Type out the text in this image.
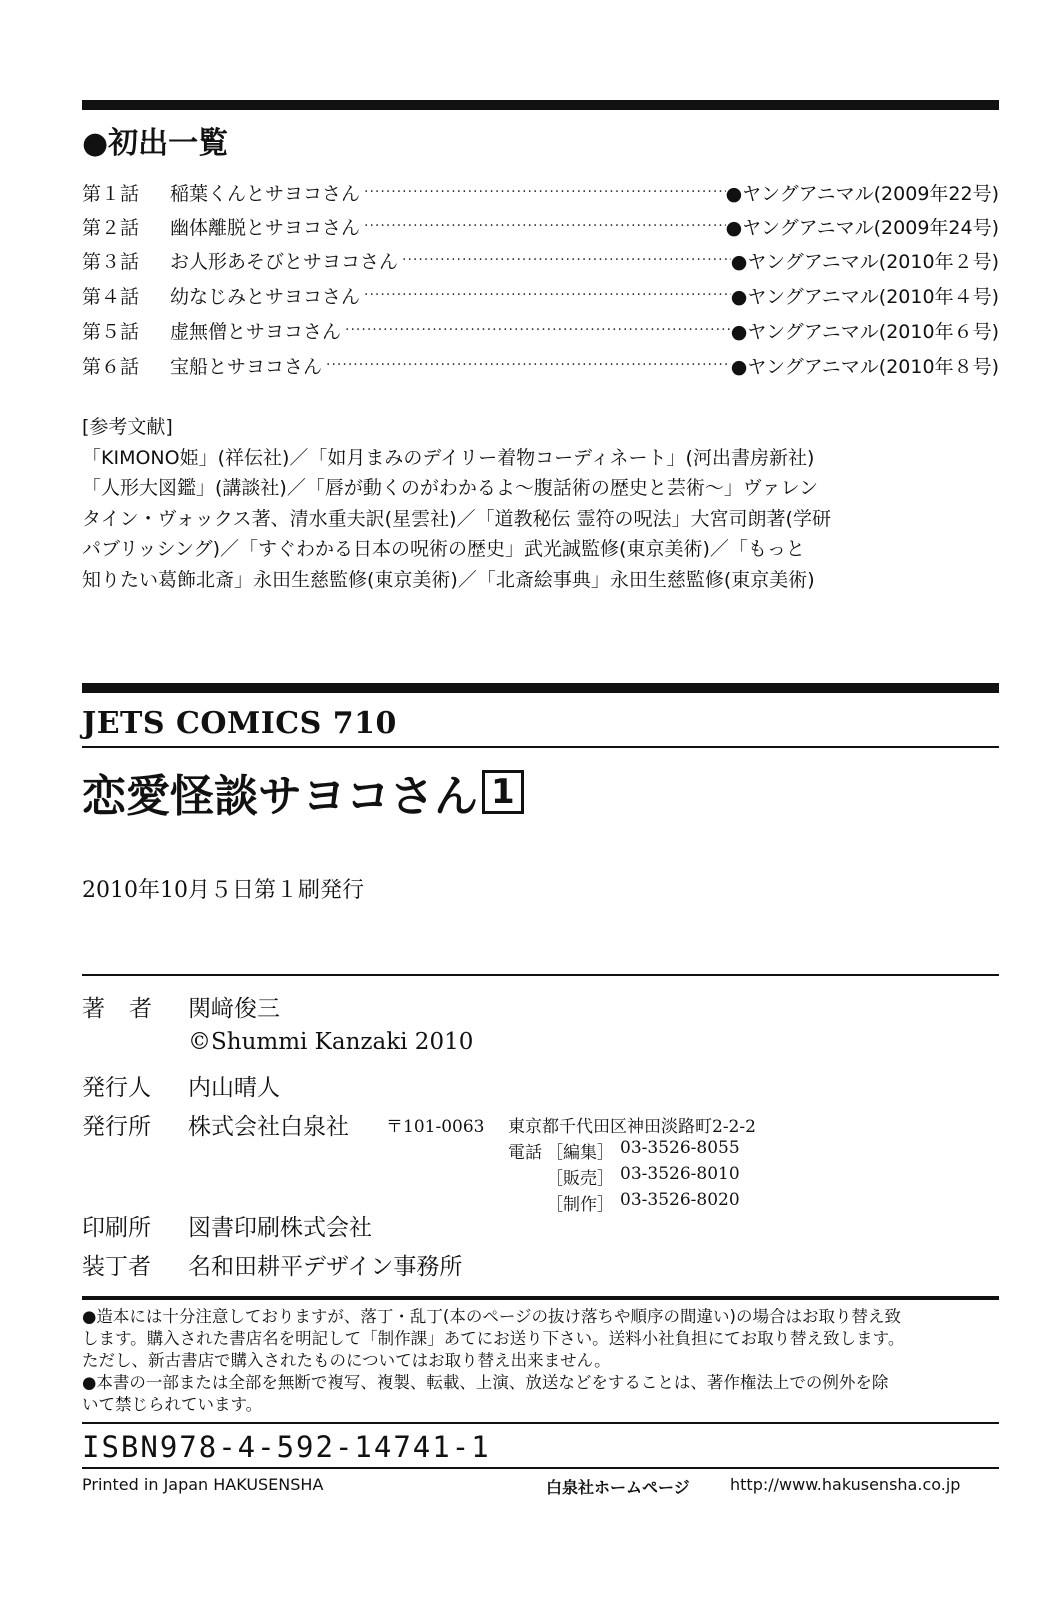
●初出一覧
第１話	稲葉くんとサヨコさん ·····	●ヤングアニマル(2009年22号)
第２話	幽体離脱とサヨコさん ·····	●ヤングアニマル(2009年24号)
第３話	お人形あそびとサヨコさん ·····	●ヤングアニマル(2010年２号)
第４話	幼なじみとサヨコさん ·····	●ヤングアニマル(2010年４号)
第５話	虚無僧とサヨコさん ·····	●ヤングアニマル(2010年６号)
第６話	宝船とサヨコさん ·····	●ヤングアニマル(2010年８号)
[参考文献]
「KIMONO姫」(祥伝社)／「如月まみのデイリー着物コーディネート」(河出書房新社)
「人形大図鑑」(講談社)／「唇が動くのがわかるよ～腹話術の歴史と芸術～」ヴァレン
タイン・ヴォックス著、清水重夫訳(星雲社)／「道教秘伝 霊符の呪法」大宮司朗著(学研
パブリッシング)／「すぐわかる日本の呪術の歴史」武光誠監修(東京美術)／「もっと
知りたい葛飾北斎」永田生慈監修(東京美術)／「北斎絵事典」永田生慈監修(東京美術)
JETS COMICS 710
恋愛怪談サヨコさん 1
2010年10月５日第１刷発行
著者 関﨑俊三
©Shummi Kanzaki 2010
発行人 内山晴人
発行所 株式会社白泉社 〒101-0063 東京都千代田区神田淡路町2-2-2
電話 ［編集］ 03-3526-8055
［販売］ 03-3526-8010
［制作］ 03-3526-8020
印刷所 図書印刷株式会社
装丁者 名和田耕平デザイン事務所
●造本には十分注意しておりますが、落丁・乱丁(本のページの抜け落ちや順序の間違い)の場合はお取り替え致
します。購入された書店名を明記して「制作課」あてにお送り下さい。送料小社負担にてお取り替え致します。
ただし、新古書店で購入されたものについてはお取り替え出来ません。
●本書の一部または全部を無断で複写、複製、転載、上演、放送などをすることは、著作権法上での例外を除
いて禁じられています。
ISBN978-4-592-14741-1
Printed in Japan HAKUSENSHA	白泉社ホームページ	http://www.hakusensha.co.jp
